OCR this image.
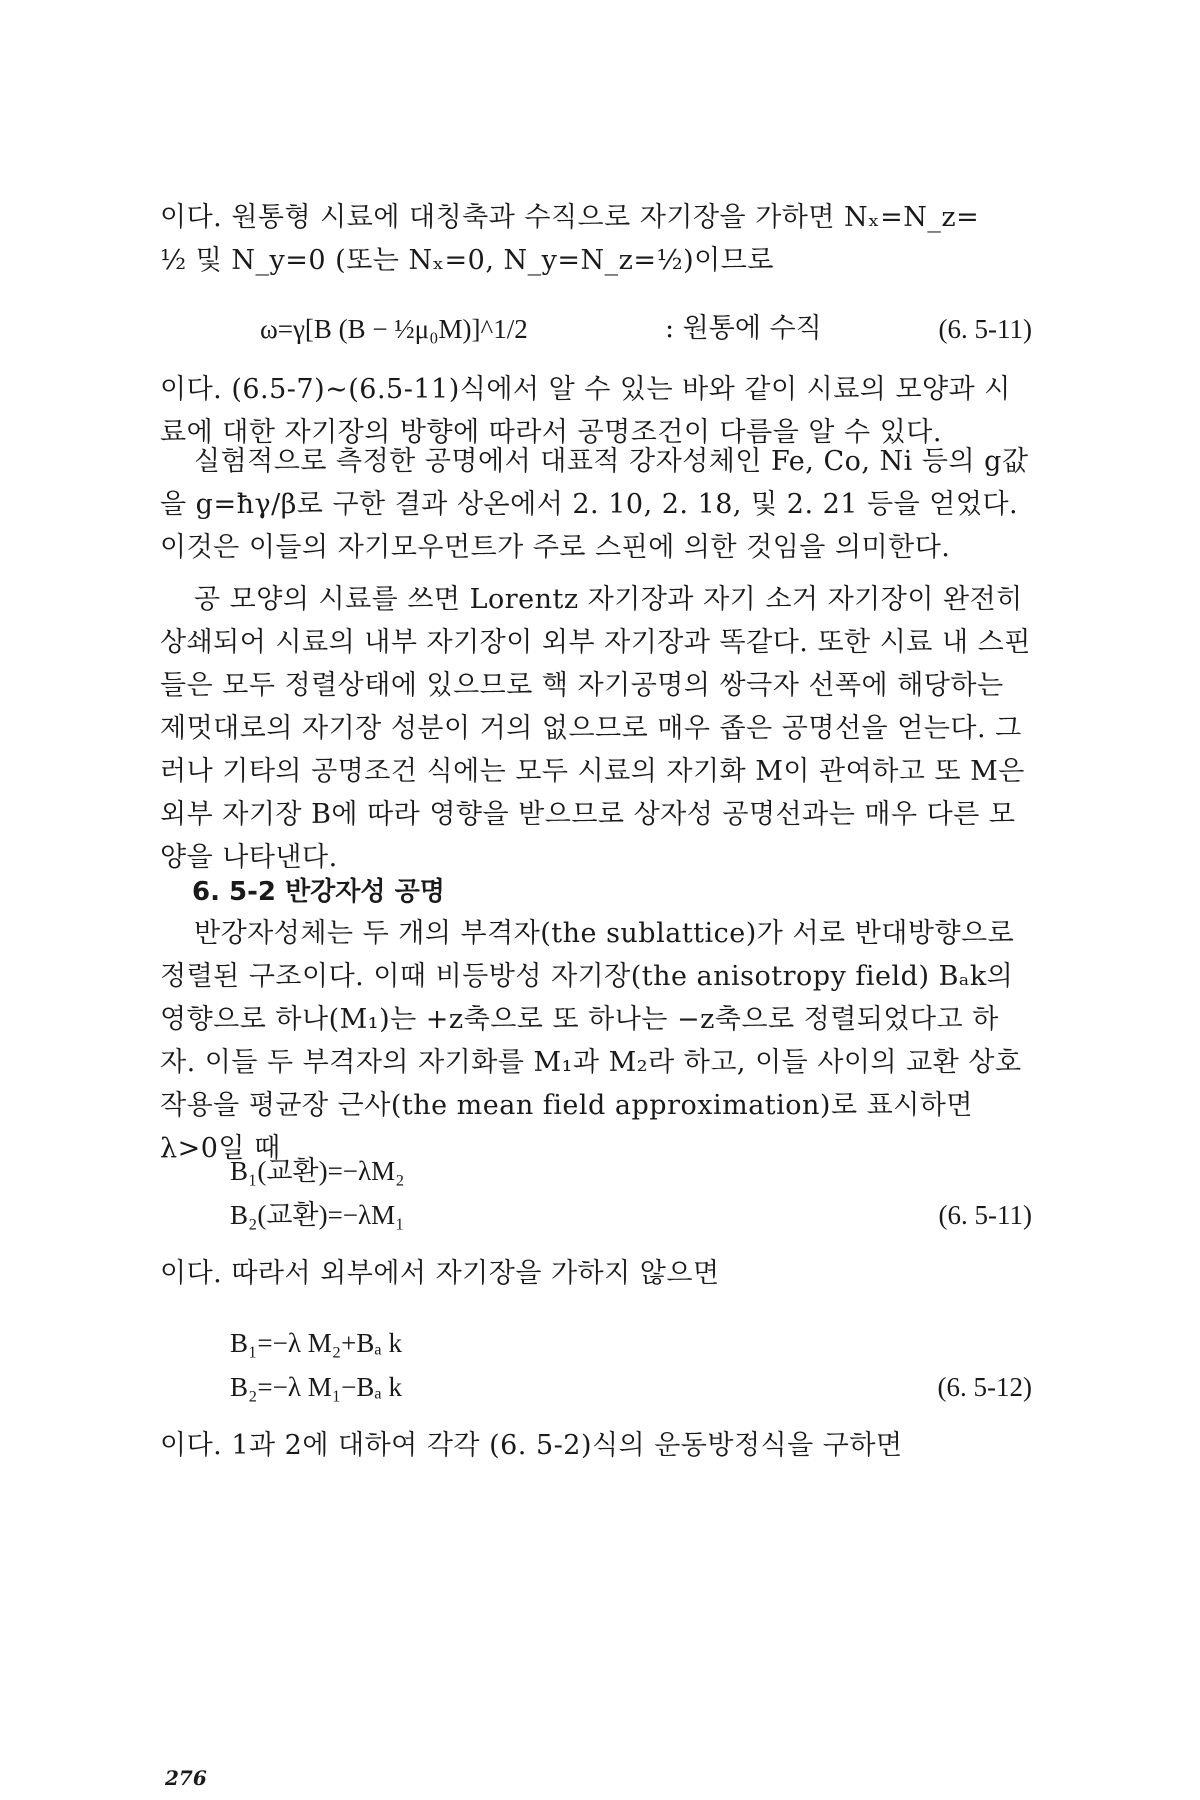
이다. 원통형 시료에 대칭축과 수직으로 자기장을 가하면 Nₓ=N_z=

½ 및 N_y=0 (또는 Nₓ=0, N_y=N_z=½)이므로

ω=γ[B (B − ½μ₀M)]^1/2	: 원통에 수직	(6. 5-11)

이다. (6.5-7)∼(6.5-11)식에서 알 수 있는 바와 같이 시료의 모양과 시료에 대한 자기장의 방향에 따라서 공명조건이 다름을 알 수 있다.

실험적으로 측정한 공명에서 대표적 강자성체인 Fe, Co, Ni 등의 g값을 g=ħγ/β로 구한 결과 상온에서 2. 10, 2. 18, 및 2. 21 등을 얻었다. 이것은 이들의 자기모우먼트가 주로 스핀에 의한 것임을 의미한다.

공 모양의 시료를 쓰면 Lorentz 자기장과 자기 소거 자기장이 완전히 상쇄되어 시료의 내부 자기장이 외부 자기장과 똑같다. 또한 시료 내 스핀들은 모두 정렬상태에 있으므로 핵 자기공명의 쌍극자 선폭에 해당하는 제멋대로의 자기장 성분이 거의 없으므로 매우 좁은 공명선을 얻는다. 그러나 기타의 공명조건 식에는 모두 시료의 자기화 M이 관여하고 또 M은 외부 자기장 B에 따라 영향을 받으므로 상자성 공명선과는 매우 다른 모양을 나타낸다.

6. 5-2 반강자성 공명

반강자성체는 두 개의 부격자(the sublattice)가 서로 반대방향으로 정렬된 구조이다. 이때 비등방성 자기장(the anisotropy field) Bₐk의 영향으로 하나(M₁)는 +z축으로 또 하나는 −z축으로 정렬되었다고 하자. 이들 두 부격자의 자기화를 M₁과 M₂라 하고, 이들 사이의 교환 상호작용을 평균장 근사(the mean field approximation)로 표시하면 λ>0일 때

B₁(교환)=−λM₂
B₂(교환)=−λM₁	(6. 5-11)

이다. 따라서 외부에서 자기장을 가하지 않으면

B₁=−λ M₂+Bₐ k
B₂=−λ M₁−Bₐ k	(6. 5-12)

이다. 1과 2에 대하여 각각 (6. 5-2)식의 운동방정식을 구하면

276
